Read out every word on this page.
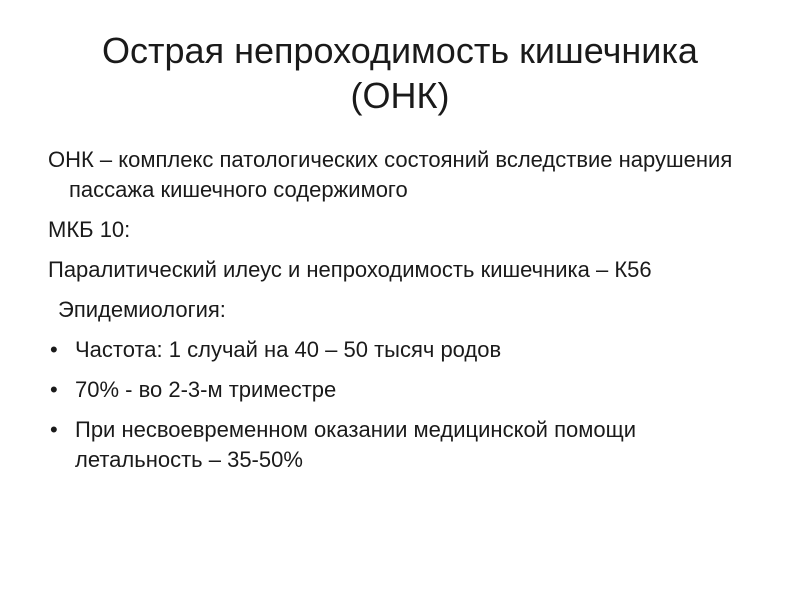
Острая непроходимость кишечника
(ОНК)

ОНК – комплекс патологических состояний вследствие нарушения пассажа кишечного содержимого

МКБ 10:

Паралитический илеус и непроходимость кишечника – К56

Эпидемиология:

• Частота: 1 случай на 40 – 50 тысяч родов
• 70% - во 2-3-м триместре
• При несвоевременном оказании медицинской помощи летальность – 35-50%
